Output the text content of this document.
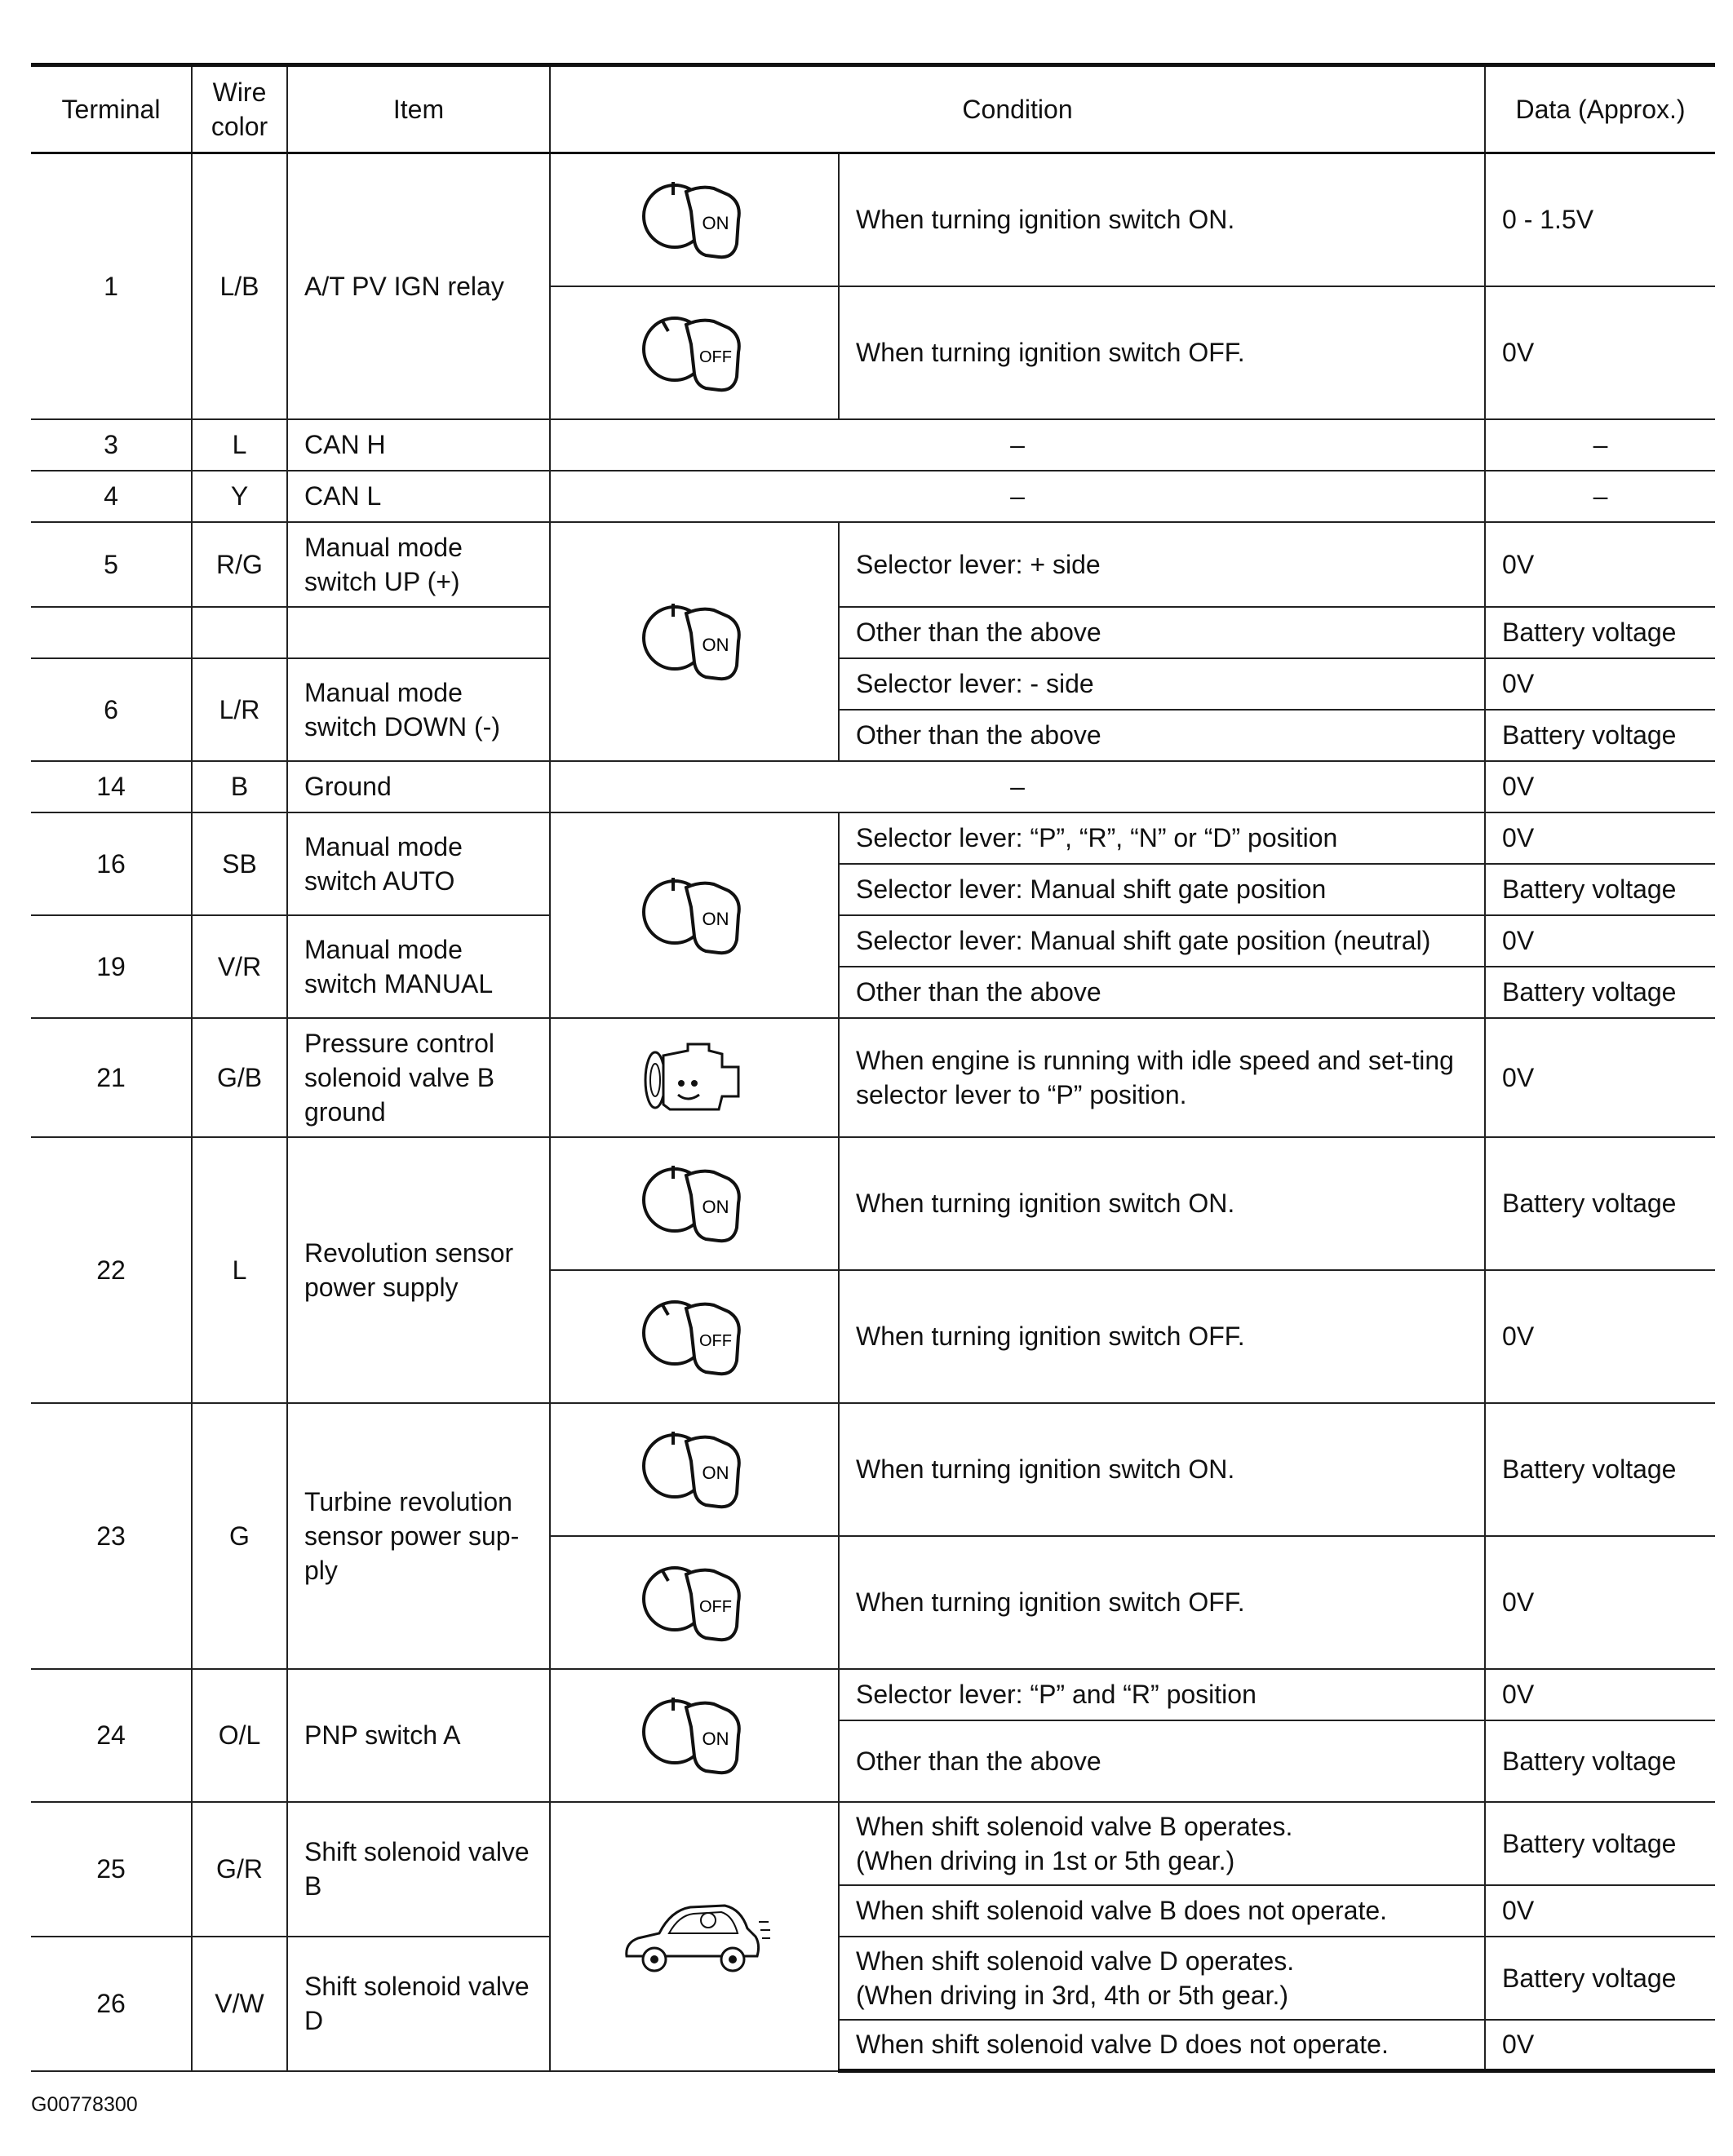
Terminal	Wire color	Item	Condition		Data (Approx.)
1	L/B	A/T PV IGN relay	ON	When turning ignition switch ON.	0 - 1.5V

OFF	When turning ignition switch OFF.	0V
3	L	CAN H	–		–
4	Y	CAN L	–		–
5	R/G	Manual mode switch UP (+)	ON	Selector lever: + side	0V
				Other than the above	Battery voltage
6	L/R	Manual mode switch DOWN (-)		Selector lever: - side	0V
				Other than the above	Battery voltage
14	B	Ground	–		0V
16	SB	Manual mode switch AUTO	ON	Selector lever: “P”, “R”, “N” or “D” position	0V
				Selector lever: Manual shift gate position	Battery voltage
19	V/R	Manual mode switch MANUAL		Selector lever: Manual shift gate position (neutral)	0V
				Other than the above	Battery voltage
21	G/B	Pressure control solenoid valve B ground		When engine is running with idle speed and set-ting selector lever to “P” position.	0V
22	L	Revolution sensor power supply	ON	When turning ignition switch ON.	Battery voltage

OFF	When turning ignition switch OFF.	0V
23	G	Turbine revolution sensor power sup-ply	ON	When turning ignition switch ON.	Battery voltage

OFF	When turning ignition switch OFF.	0V
24	O/L	PNP switch A	ON	Selector lever: “P” and “R” position	0V
				Other than the above	Battery voltage
25	G/R	Shift solenoid valve B		When shift solenoid valve B operates.
(When driving in 1st or 5th gear.)	Battery voltage
				When shift solenoid valve B does not operate.	0V
26	V/W	Shift solenoid valve D		When shift solenoid valve D operates.
(When driving in 3rd, 4th or 5th gear.)	Battery voltage
				When shift solenoid valve D does not operate.	0V
G00778300
